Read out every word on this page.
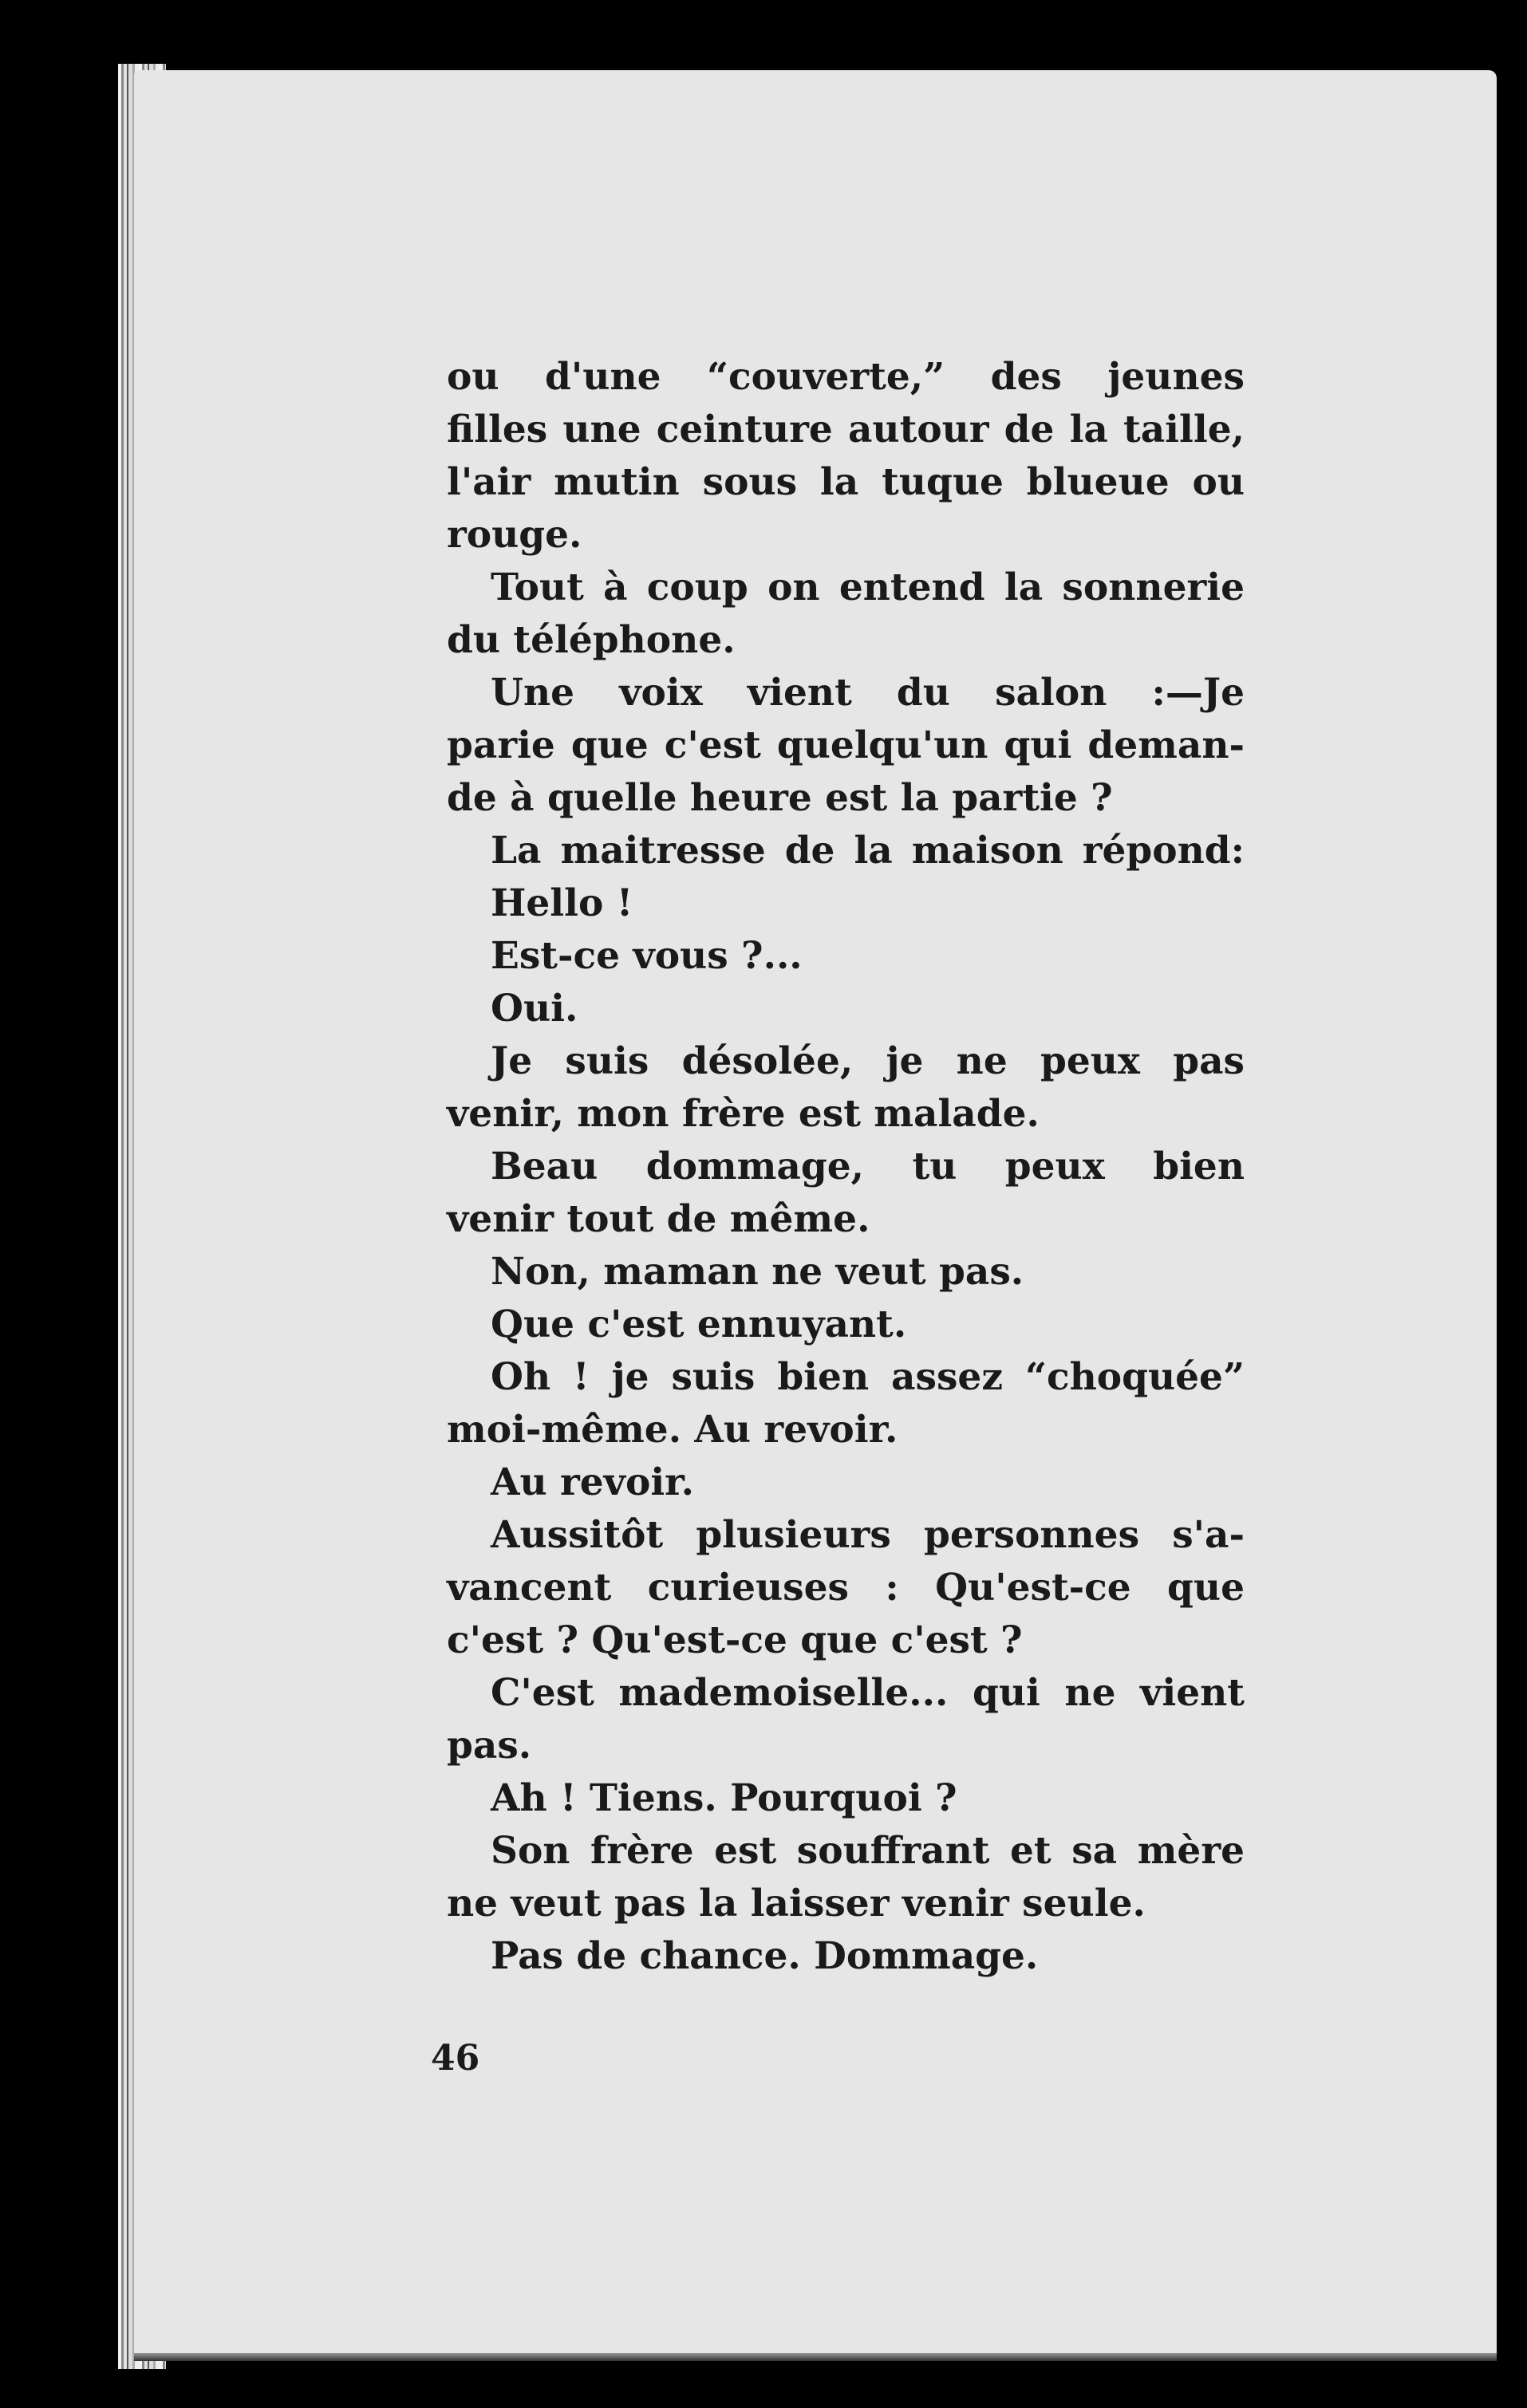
ou d'une “couverte,” des jeunes
filles une ceinture autour de la taille,
l'air mutin sous la tuque blueue ou
rouge.
Tout à coup on entend la sonnerie
du téléphone.
Une voix vient du salon :—Je
parie que c'est quelqu'un qui deman-
de à quelle heure est la partie ?
La maitresse de la maison répond:
Hello !
Est-ce vous ?...
Oui.
Je suis désolée, je ne peux pas
venir, mon frère est malade.
Beau dommage, tu peux bien
venir tout de même.
Non, maman ne veut pas.
Que c'est ennuyant.
Oh ! je suis bien assez “choquée”
moi-même. Au revoir.
Au revoir.
Aussitôt plusieurs personnes s'a-
vancent curieuses : Qu'est-ce que
c'est ? Qu'est-ce que c'est ?
C'est mademoiselle... qui ne vient
pas.
Ah ! Tiens. Pourquoi ?
Son frère est souffrant et sa mère
ne veut pas la laisser venir seule.
Pas de chance. Dommage.
46
